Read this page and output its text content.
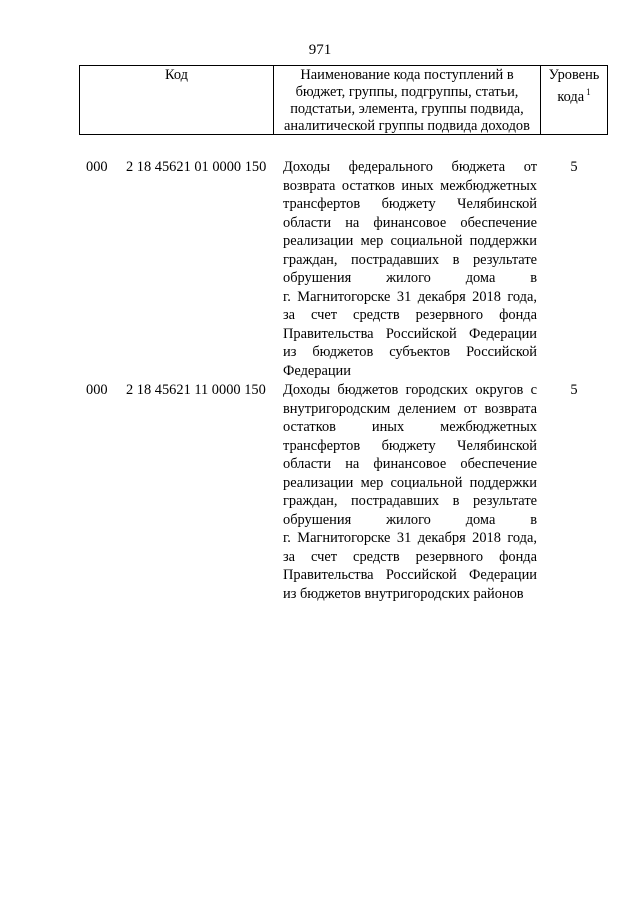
971
Код	Наименование кода поступлений в
бюджет, группы, подгруппы, статьи,
подстатьи, элемента, группы подвида,
аналитической группы подвида доходов
Уровень
кода $^1$
000 2 18 45621 01 0000 150 Доходы федерального бюджета от
возврата остатков иных межбюджетных
трансфертов бюджету Челябинской
области на финансовое обеспечение
реализации мер социальной поддержки
граждан, пострадавших в результате
обрушения жилого дома в
г. Магнитогорске 31 декабря 2018 года,
за счет средств резервного фонда
Правительства Российской Федерации
из бюджетов субъектов Российской
Федерации
5
000 2 18 45621 11 0000 150 Доходы бюджетов городских округов с
внутригородским делением от возврата
остатков иных межбюджетных
трансфертов бюджету Челябинской
области на финансовое обеспечение
реализации мер социальной поддержки
граждан, пострадавших в результате
обрушения жилого дома в
г. Магнитогорске 31 декабря 2018 года,
за счет средств резервного фонда
Правительства Российской Федерации
из бюджетов внутригородских районов
5
